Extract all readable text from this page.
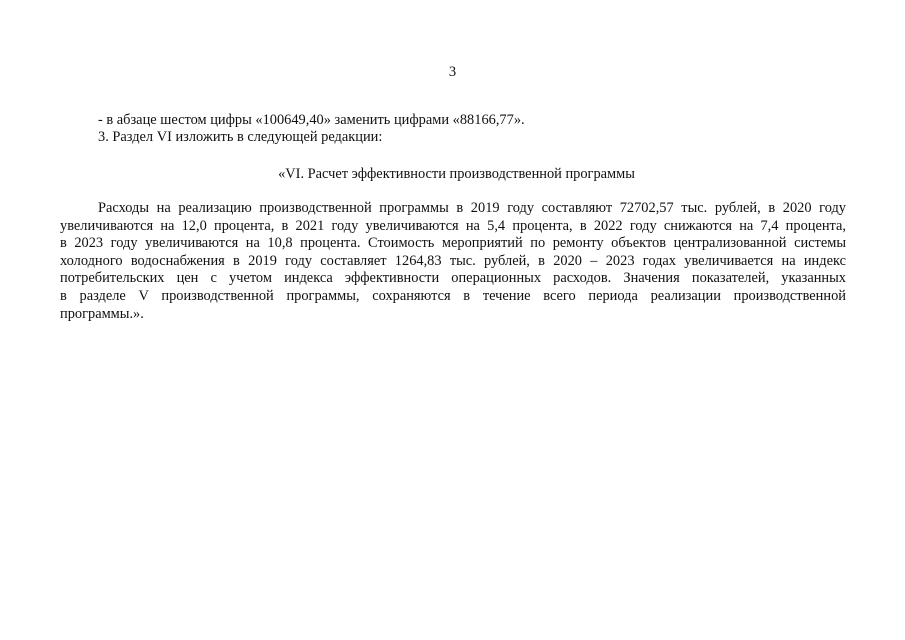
3
- в абзаце шестом цифры «100649,40» заменить цифрами «88166,77».
3. Раздел VI изложить в следующей редакции:
«VI. Расчет эффективности производственной программы
Расходы на реализацию производственной программы в 2019 году составляют 72702,57 тыс. рублей, в 2020 году
увеличиваются на 12,0 процента, в 2021 году увеличиваются на 5,4 процента, в 2022 году снижаются на 7,4 процента,
в 2023 году увеличиваются на 10,8 процента. Стоимость мероприятий по ремонту объектов централизованной системы
холодного водоснабжения в 2019 году составляет 1264,83 тыс. рублей, в 2020 – 2023 годах увеличивается на индекс
потребительских цен с учетом индекса эффективности операционных расходов. Значения показателей, указанных
в разделе V производственной программы, сохраняются в течение всего периода реализации производственной
программы.».
